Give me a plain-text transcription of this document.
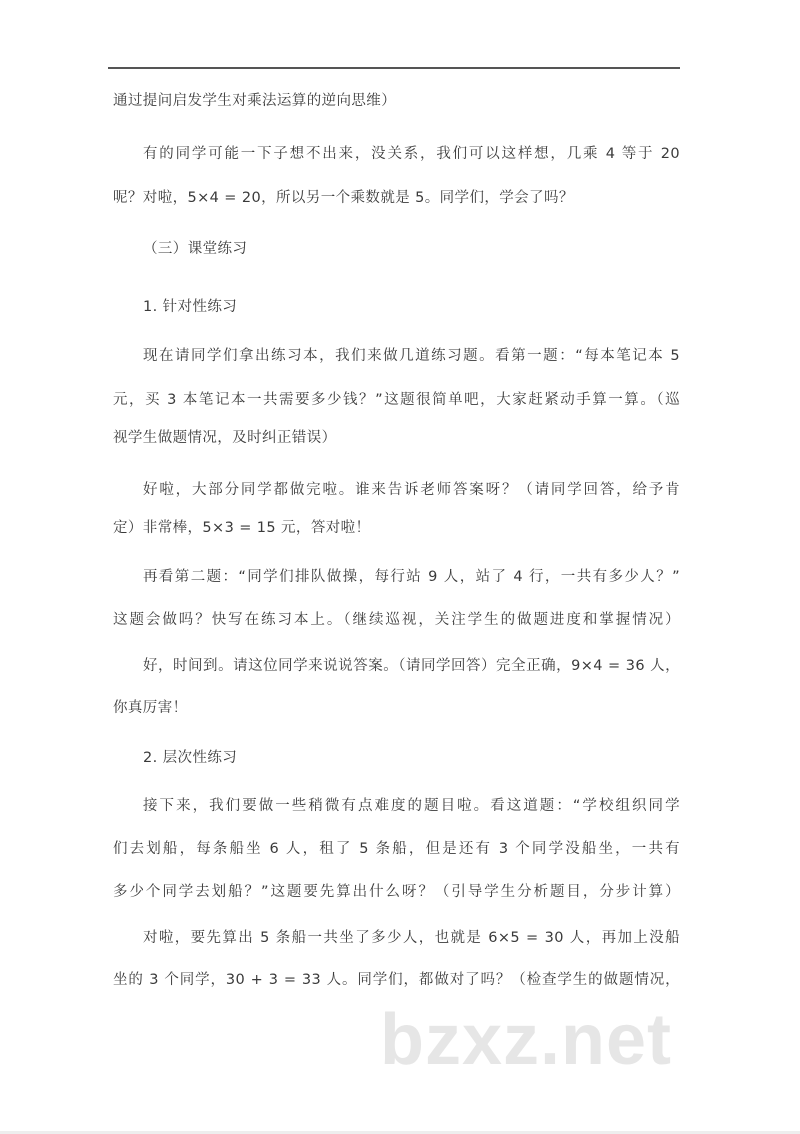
通过提问启发学生对乘法运算的逆向思维）
有的同学可能一下子想不出来，没关系，我们可以这样想，几乘 4 等于 20
呢？对啦，5×4 = 20，所以另一个乘数就是 5。同学们，学会了吗？
（三）课堂练习
1. 针对性练习
现在请同学们拿出练习本，我们来做几道练习题。看第一题：“每本笔记本 5
元，买 3 本笔记本一共需要多少钱？”这题很简单吧，大家赶紧动手算一算。（巡
视学生做题情况，及时纠正错误）
好啦，大部分同学都做完啦。谁来告诉老师答案呀？（请同学回答，给予肯
定）非常棒，5×3 = 15 元，答对啦！
再看第二题：“同学们排队做操，每行站 9 人，站了 4 行，一共有多少人？”
这题会做吗？快写在练习本上。（继续巡视，关注学生的做题进度和掌握情况）
好，时间到。请这位同学来说说答案。（请同学回答）完全正确，9×4 = 36 人，
你真厉害！
2. 层次性练习
接下来，我们要做一些稍微有点难度的题目啦。看这道题：“学校组织同学
们去划船，每条船坐 6 人，租了 5 条船，但是还有 3 个同学没船坐，一共有
多少个同学去划船？”这题要先算出什么呀？（引导学生分析题目，分步计算）
对啦，要先算出 5 条船一共坐了多少人，也就是 6×5 = 30 人，再加上没船
坐的 3 个同学，30 + 3 = 33 人。同学们，都做对了吗？（检查学生的做题情况，
bzxz.net
